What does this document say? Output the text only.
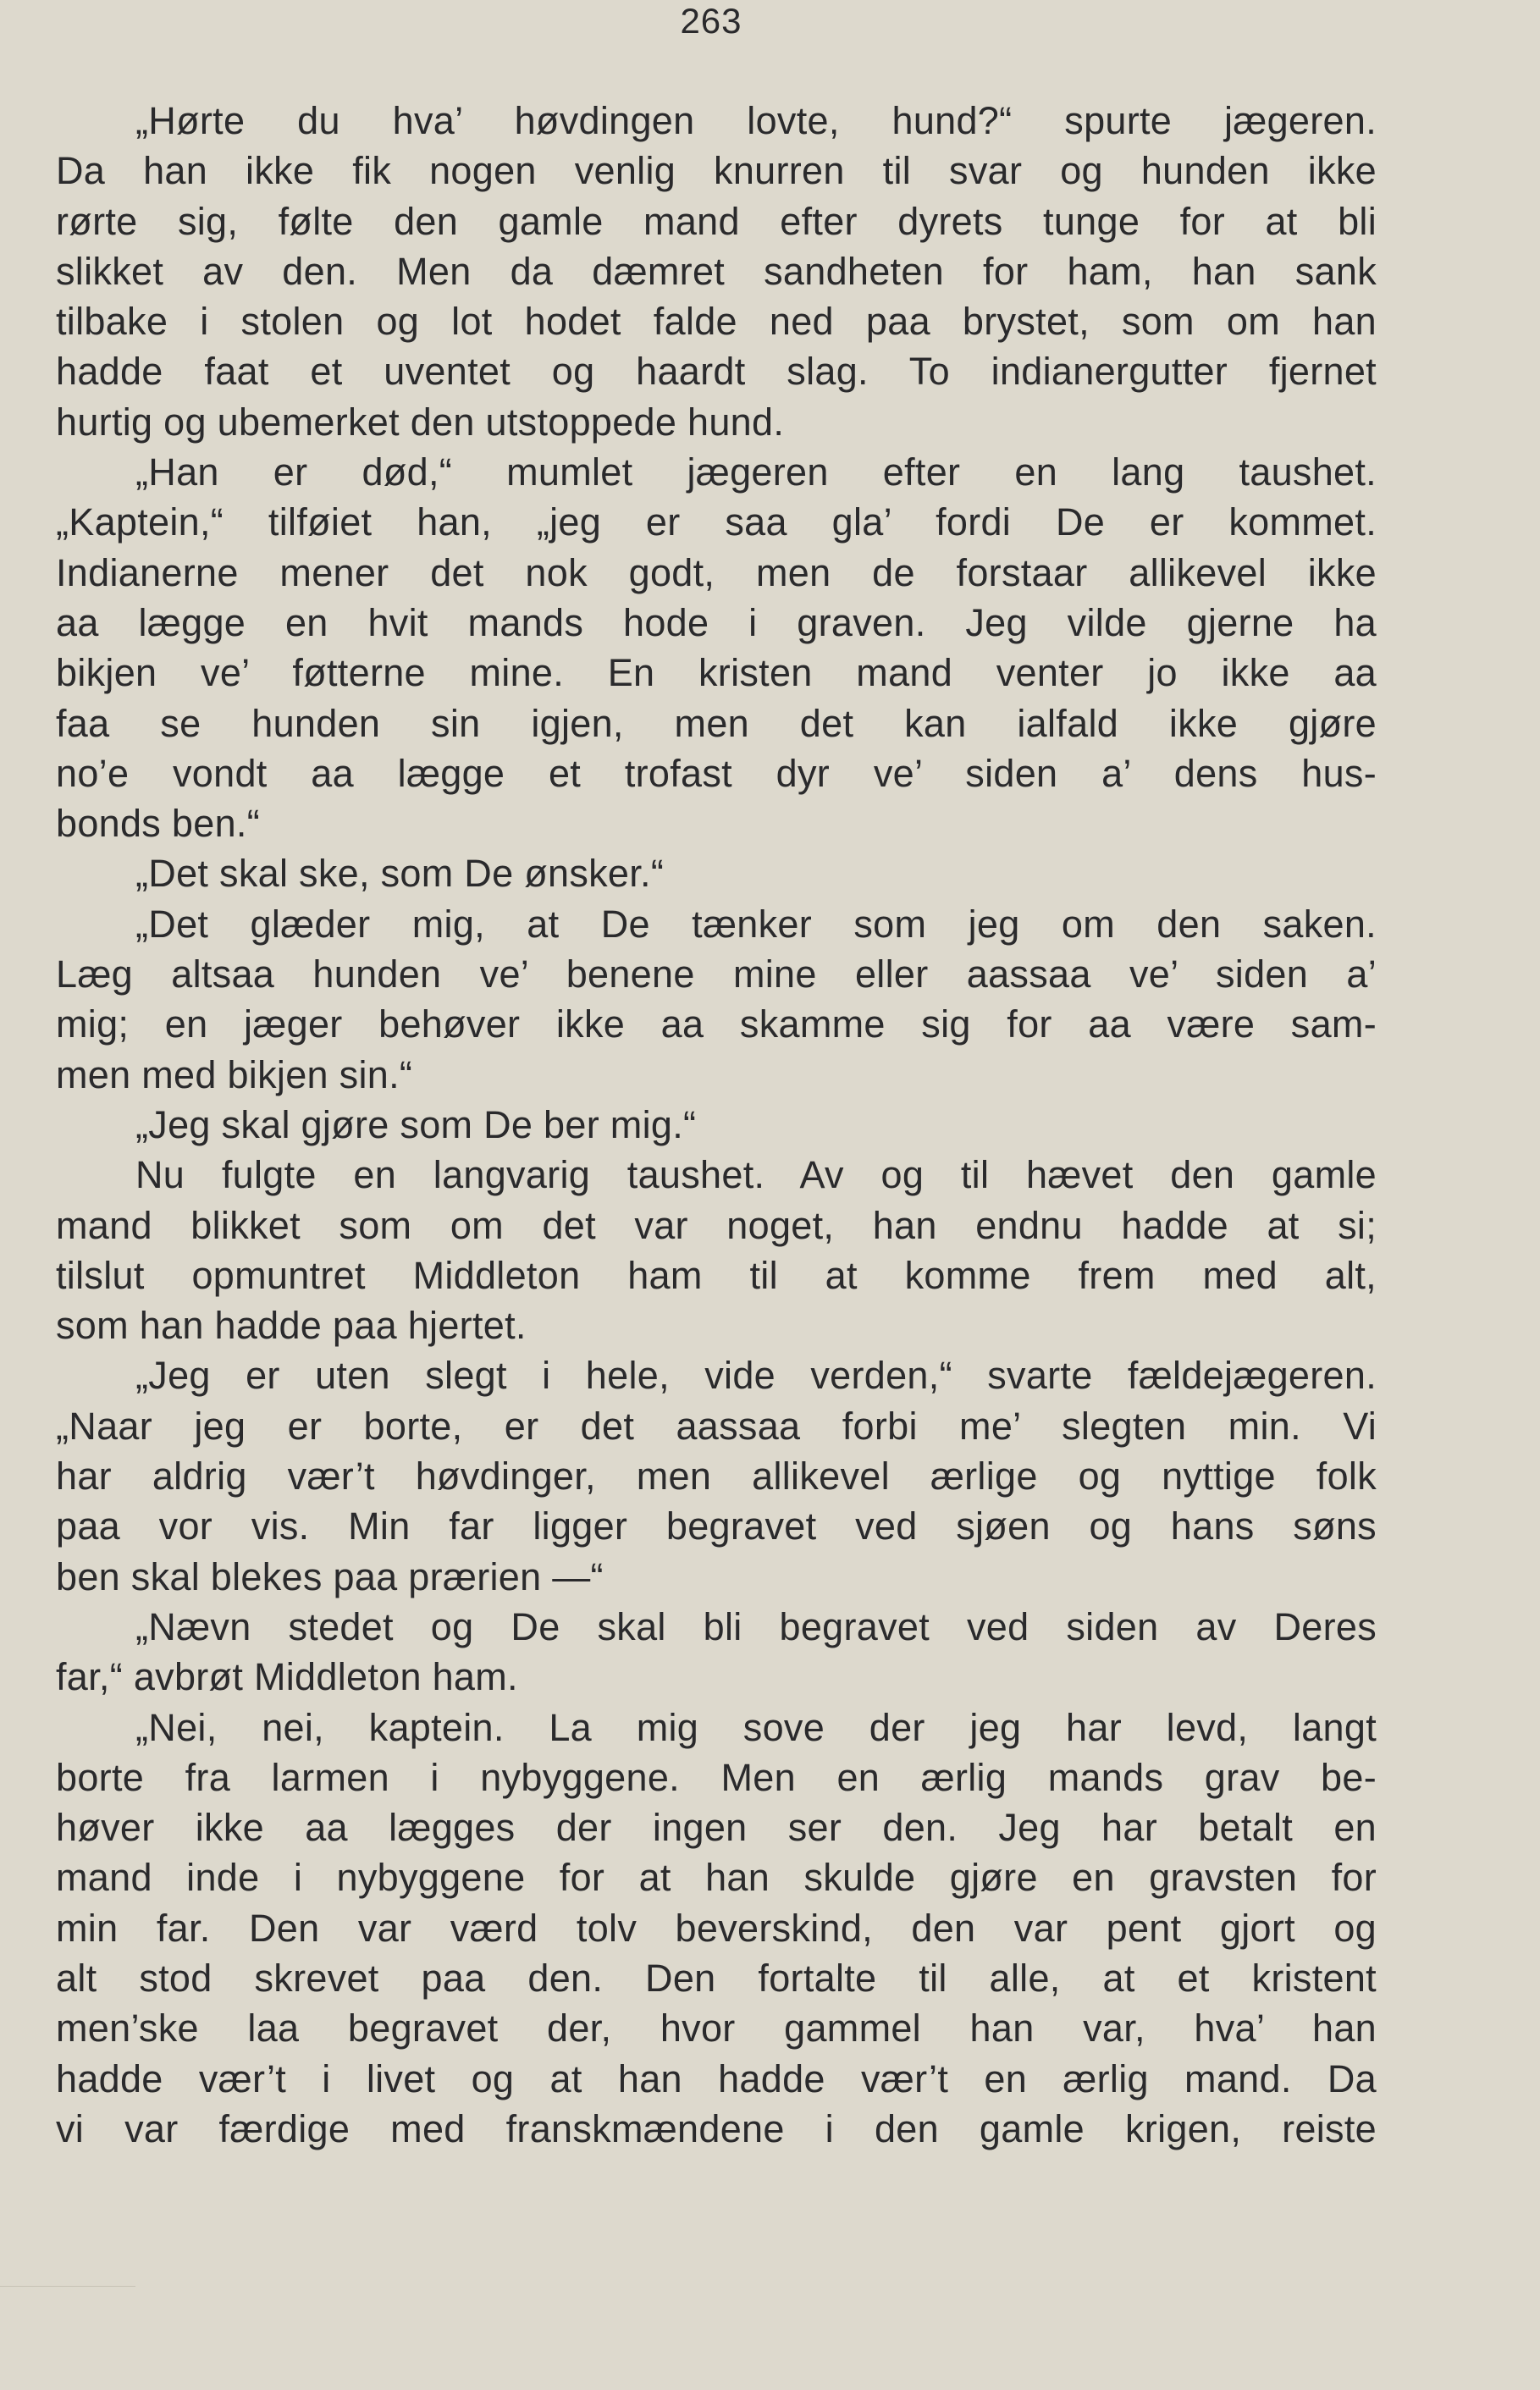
263
„Hørte du hva’ høvdingen lovte, hund?“ spurte jægeren.
Da han ikke fik nogen venlig knurren til svar og hunden ikke
rørte sig, følte den gamle mand efter dyrets tunge for at bli
slikket av den. Men da dæmret sandheten for ham, han sank
tilbake i stolen og lot hodet falde ned paa brystet, som om han
hadde faat et uventet og haardt slag. To indianergutter fjernet
hurtig og ubemerket den utstoppede hund.
„Han er død,“ mumlet jægeren efter en lang taushet.
„Kaptein,“ tilføiet han, „jeg er saa gla’ fordi De er kommet.
Indianerne mener det nok godt, men de forstaar allikevel ikke
aa lægge en hvit mands hode i graven. Jeg vilde gjerne ha
bikjen ve’ føtterne mine. En kristen mand venter jo ikke aa
faa se hunden sin igjen, men det kan ialfald ikke gjøre
no’e vondt aa lægge et trofast dyr ve’ siden a’ dens hus-
bonds ben.“
„Det skal ske, som De ønsker.“
„Det glæder mig, at De tænker som jeg om den saken.
Læg altsaa hunden ve’ benene mine eller aassaa ve’ siden a’
mig; en jæger behøver ikke aa skamme sig for aa være sam-
men med bikjen sin.“
„Jeg skal gjøre som De ber mig.“
Nu fulgte en langvarig taushet. Av og til hævet den gamle
mand blikket som om det var noget, han endnu hadde at si;
tilslut opmuntret Middleton ham til at komme frem med alt,
som han hadde paa hjertet.
„Jeg er uten slegt i hele, vide verden,“ svarte fældejægeren.
„Naar jeg er borte, er det aassaa forbi me’ slegten min. Vi
har aldrig vær’t høvdinger, men allikevel ærlige og nyttige folk
paa vor vis. Min far ligger begravet ved sjøen og hans søns
ben skal blekes paa prærien —“
„Nævn stedet og De skal bli begravet ved siden av Deres
far,“ avbrøt Middleton ham.
„Nei, nei, kaptein. La mig sove der jeg har levd, langt
borte fra larmen i nybyggene. Men en ærlig mands grav be-
høver ikke aa lægges der ingen ser den. Jeg har betalt en
mand inde i nybyggene for at han skulde gjøre en gravsten for
min far. Den var værd tolv beverskind, den var pent gjort og
alt stod skrevet paa den. Den fortalte til alle, at et kristent
men’ske laa begravet der, hvor gammel han var, hva’ han
hadde vær’t i livet og at han hadde vær’t en ærlig mand. Da
vi var færdige med franskmændene i den gamle krigen, reiste
